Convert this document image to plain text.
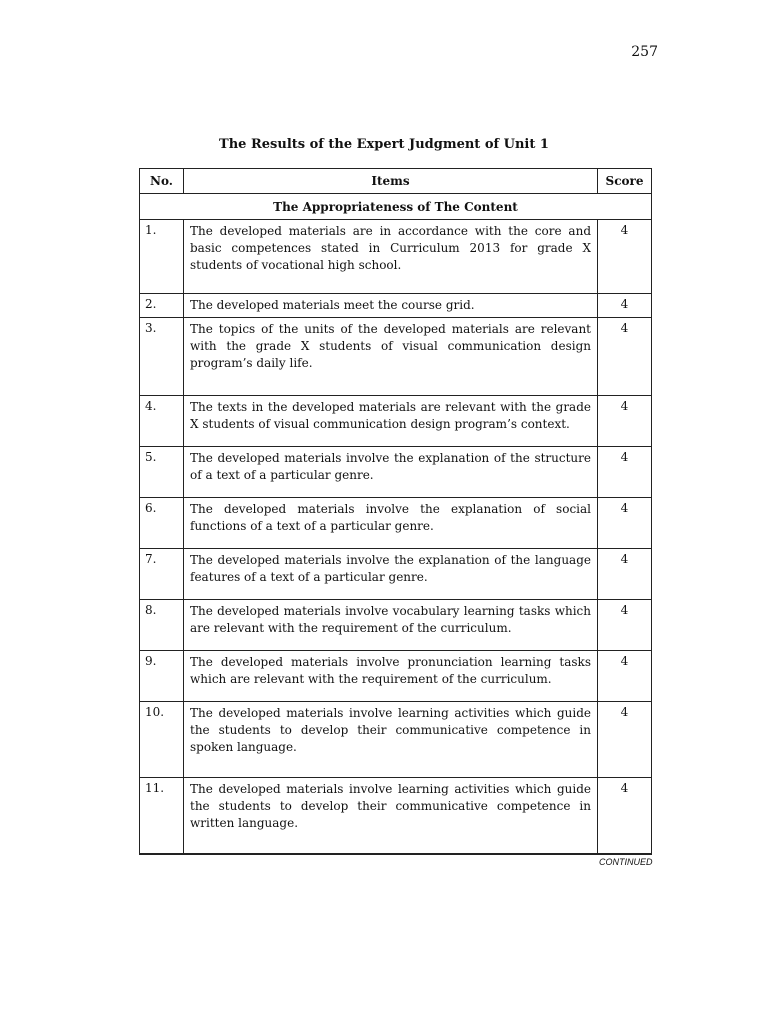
257
The Results of the Expert Judgment of Unit 1
No.	Items	Score
The Appropriateness of The Content		
1.	The developed materials are in accordance with the core and basic competences stated in Curriculum 2013 for grade X students of vocational high school.	4
2.	The developed materials meet the course grid.	4
3.	The topics of the units of the developed materials are relevant with the grade X students of visual communication design program’s daily life.	4
4.	The texts in the developed materials are relevant with the grade X students of visual communication design program’s context.	4
5.	The developed materials involve the explanation of the structure of a text of a particular genre.	4
6.	The developed materials involve the explanation of social functions of a text of a particular genre.	4
7.	The developed materials involve the explanation of the language features of a text of a particular genre.	4
8.	The developed materials involve vocabulary learning tasks which are relevant with the requirement of the curriculum.	4
9.	The developed materials involve pronunciation learning tasks which are relevant with the requirement of the curriculum.	4
10.	The developed materials involve learning activities which guide the students to develop their communicative competence in spoken language.	4
11.	The developed materials involve learning activities which guide the students to develop their communicative competence in written language.	4
CONTINUED
